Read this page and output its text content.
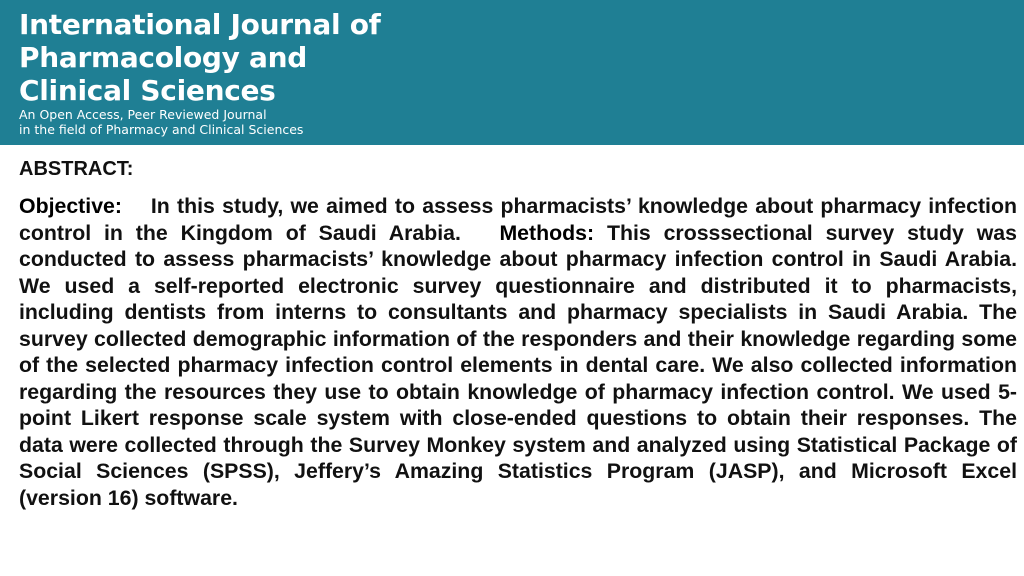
International Journal of
Pharmacology and
Clinical Sciences
An Open Access, Peer Reviewed Journal
in the field of Pharmacy and Clinical Sciences
ABSTRACT:
Objective: In this study, we aimed to assess pharmacists’ knowledge about pharmacy infection control in the Kingdom of Saudi Arabia. Methods: This crosssectional survey study was conducted to assess pharmacists’ knowledge about pharmacy infection control in Saudi Arabia. We used a self-reported electronic survey questionnaire and distributed it to pharmacists, including dentists from interns to consultants and pharmacy specialists in Saudi Arabia. The survey collected demographic information of the responders and their knowledge regarding some of the selected pharmacy infection control elements in dental care. We also collected information regarding the resources they use to obtain knowledge of pharmacy infection control. We used 5-point Likert response scale system with close-ended questions to obtain their responses. The data were collected through the Survey Monkey system and analyzed using Statistical Package of Social Sciences (SPSS), Jeffery’s Amazing Statistics Program (JASP), and Microsoft Excel (version 16) software.
